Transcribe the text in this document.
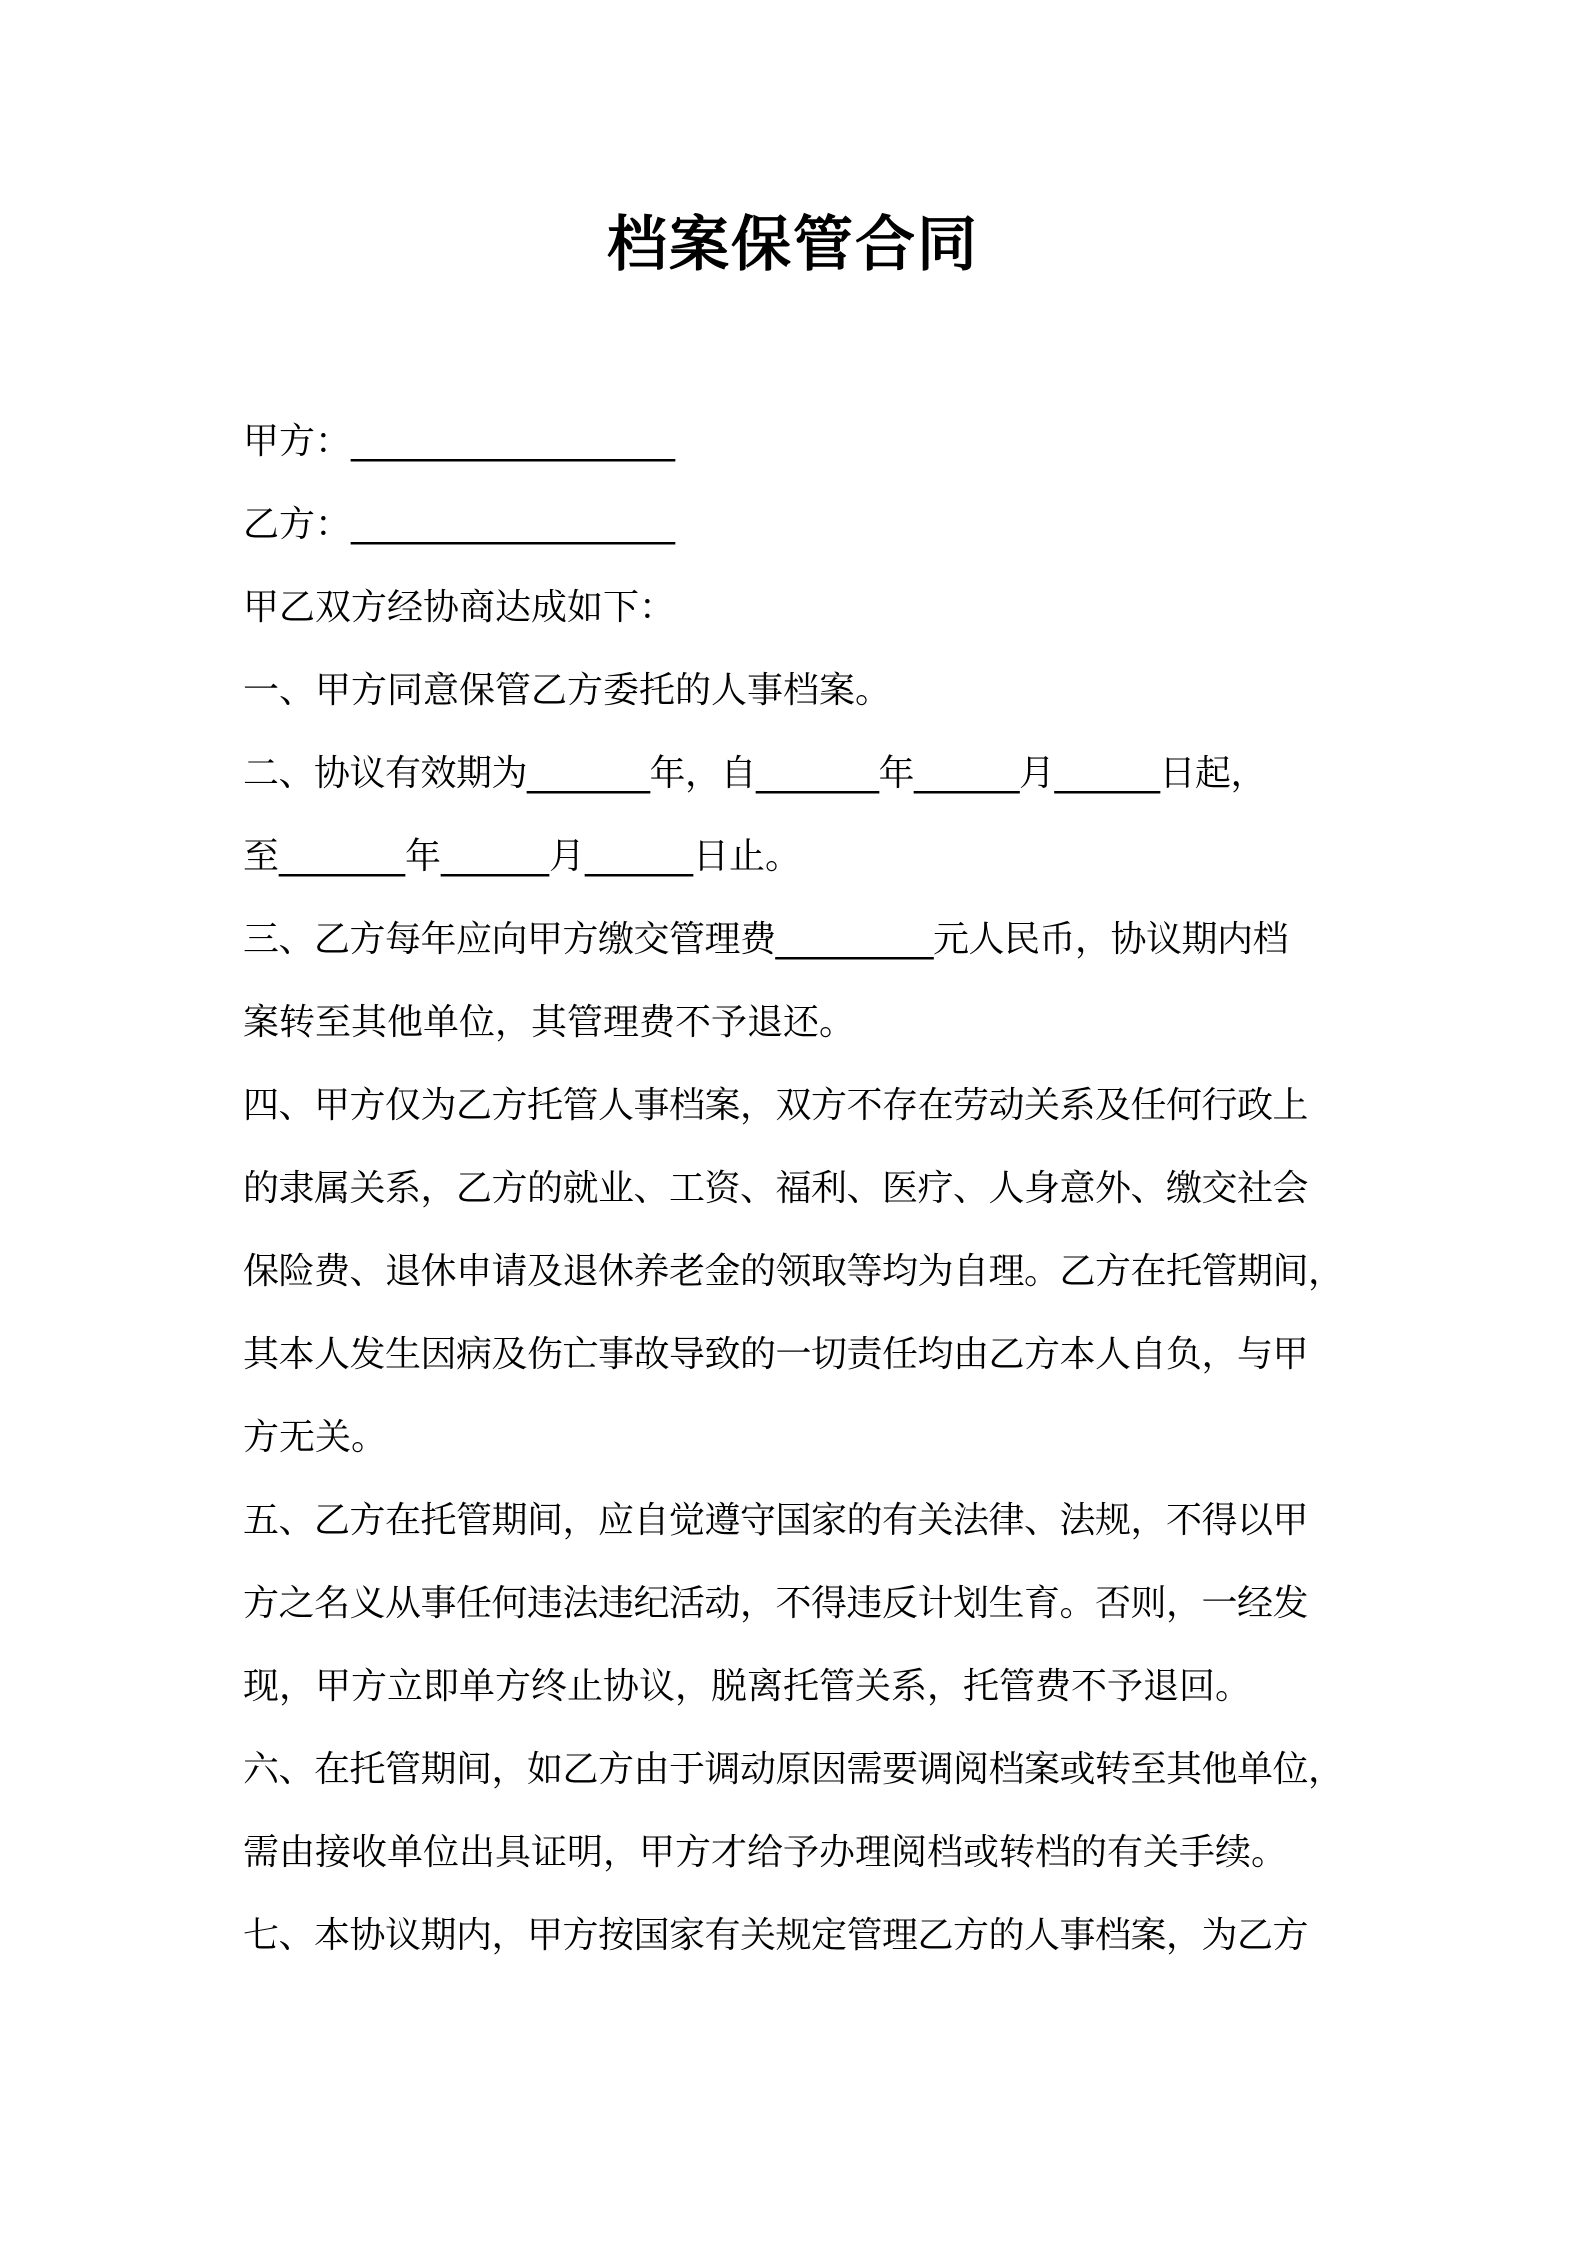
档案保管合同
甲方：__________________
乙方：__________________
甲乙双方经协商达成如下：
一、甲方同意保管乙方委托的人事档案。
二、协议有效期为_______年，自_______年______月______日起，
至_______年______月______日止。
三、乙方每年应向甲方缴交管理费_________元人民币，协议期内档
案转至其他单位，其管理费不予退还。
四、甲方仅为乙方托管人事档案，双方不存在劳动关系及任何行政上
的隶属关系，乙方的就业、工资、福利、医疗、人身意外、缴交社会
保险费、退休申请及退休养老金的领取等均为自理。乙方在托管期间，
其本人发生因病及伤亡事故导致的一切责任均由乙方本人自负，与甲
方无关。
五、乙方在托管期间，应自觉遵守国家的有关法律、法规，不得以甲
方之名义从事任何违法违纪活动，不得违反计划生育。否则，一经发
现，甲方立即单方终止协议，脱离托管关系，托管费不予退回。
六、在托管期间，如乙方由于调动原因需要调阅档案或转至其他单位，
需由接收单位出具证明，甲方才给予办理阅档或转档的有关手续。
七、本协议期内，甲方按国家有关规定管理乙方的人事档案，为乙方
